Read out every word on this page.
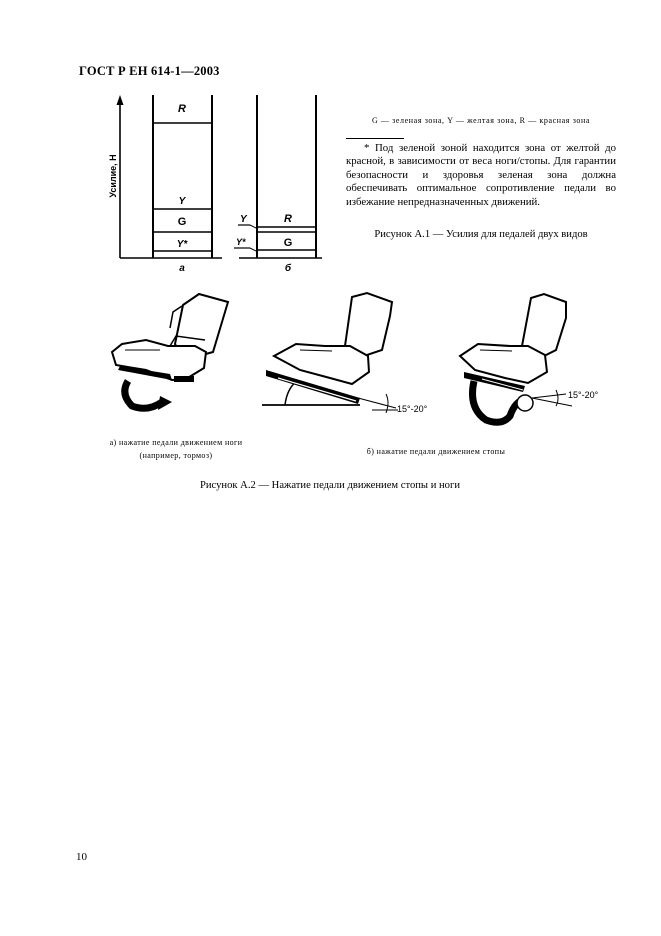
ГОСТ Р ЕН 614-1—2003
Усилие, Н
R
Y
G
Y*
а
R
G
Y
Y*
б
G — зеленая зона, Y — желтая зона, R — красная зона
* Под зеленой зоной находится зона от желтой до красной, в зависимости от веса ноги/стопы. Для гарантии безопасности и здоровья зеленая зона должна обеспечивать оптимальное сопротивление педали во избежание непредназначенных движений.
Рисунок А.1 — Усилия для педалей двух видов
15°-20°
15°-20°
а) нажатие педали движением ноги
(например, тормоз)	б) нажатие педали движением стопы
Рисунок А.2 — Нажатие педали движением стопы и ноги
10
